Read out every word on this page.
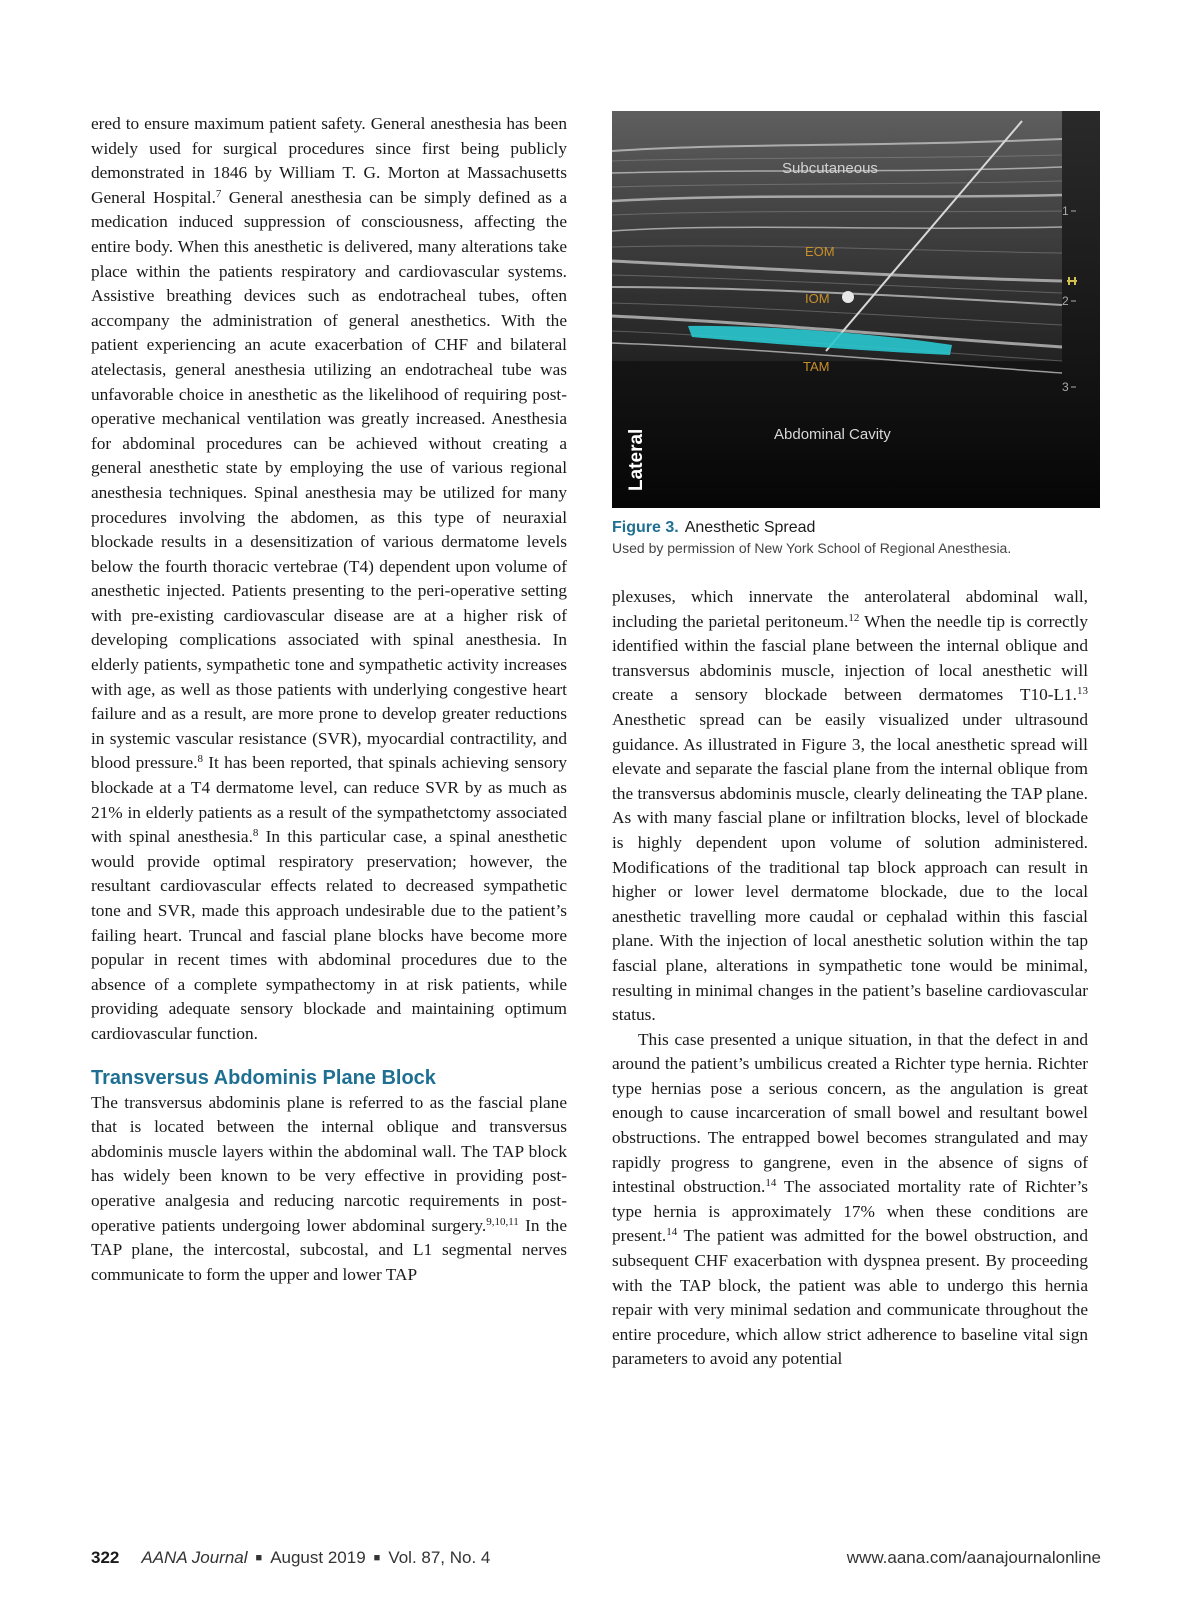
ered to ensure maximum patient safety. General anesthesia has been widely used for surgical procedures since first being publicly demonstrated in 1846 by William T. G. Morton at Massachusetts General Hospital.$^7$ General anesthesia can be simply defined as a medication induced suppression of consciousness, affecting the entire body. When this anesthetic is delivered, many alterations take place within the patients respiratory and cardiovascular systems. Assistive breathing devices such as endotracheal tubes, often accompany the administration of general anesthetics. With the patient experiencing an acute exacerbation of CHF and bilateral atelectasis, general anesthesia utilizing an endotracheal tube was unfavorable choice in anesthetic as the likelihood of requiring post-operative mechanical ventilation was greatly increased. Anesthesia for abdominal procedures can be achieved without creating a general anesthetic state by employing the use of various regional anesthesia techniques. Spinal anesthesia may be utilized for many procedures involving the abdomen, as this type of neuraxial blockade results in a desensitization of various dermatome levels below the fourth thoracic vertebrae (T4) dependent upon volume of anesthetic injected. Patients presenting to the peri-operative setting with pre-existing cardiovascular disease are at a higher risk of developing complications associated with spinal anesthesia. In elderly patients, sympathetic tone and sympathetic activity increases with age, as well as those patients with underlying congestive heart failure and as a result, are more prone to develop greater reductions in systemic vascular resistance (SVR), myocardial contractility, and blood pressure.$^8$ It has been reported, that spinals achieving sensory blockade at a T4 dermatome level, can reduce SVR by as much as 21% in elderly patients as a result of the sympathetctomy associated with spinal anesthesia.$^8$ In this particular case, a spinal anesthetic would provide optimal respiratory preservation; however, the resultant cardiovascular effects related to decreased sympathetic tone and SVR, made this approach undesirable due to the patient’s failing heart. Truncal and fascial plane blocks have become more popular in recent times with abdominal procedures due to the absence of a complete sympathectomy in at risk patients, while providing adequate sensory blockade and maintaining optimum cardiovascular function.

Transversus Abdominis Plane Block

The transversus abdominis plane is referred to as the fascial plane that is located between the internal oblique and transversus abdominis muscle layers within the abdominal wall. The TAP block has widely been known to be very effective in providing post-operative analgesia and reducing narcotic requirements in post-operative patients undergoing lower abdominal surgery.$^{9,10,11}$ In the TAP plane, the intercostal, subcostal, and L1 segmental nerves communicate to form the upper and lower TAP

Subcutaneous
EOM
IOM
TAM
Abdominal Cavity
Lateral
1
2
3
Figure 3. Anesthetic Spread
Used by permission of New York School of Regional Anesthesia.

plexuses, which innervate the anterolateral abdominal wall, including the parietal peritoneum.$^{12}$ When the needle tip is correctly identified within the fascial plane between the internal oblique and transversus abdominis muscle, injection of local anesthetic will create a sensory blockade between dermatomes T10-L1.13 Anesthetic spread can be easily visualized under ultrasound guidance. As illustrated in Figure 3, the local anesthetic spread will elevate and separate the fascial plane from the internal oblique from the transversus abdominis muscle, clearly delineating the TAP plane. As with many fascial plane or infiltration blocks, level of blockade is highly dependent upon volume of solution administered. Modifications of the traditional tap block approach can result in higher or lower level dermatome blockade, due to the local anesthetic travelling more caudal or cephalad within this fascial plane. With the injection of local anesthetic solution within the tap fascial plane, alterations in sympathetic tone would be minimal, resulting in minimal changes in the patient’s baseline cardiovascular status.

This case presented a unique situation, in that the defect in and around the patient’s umbilicus created a Richter type hernia. Richter type hernias pose a serious concern, as the angulation is great enough to cause incarceration of small bowel and resultant bowel obstructions. The entrapped bowel becomes strangulated and may rapidly progress to gangrene, even in the absence of signs of intestinal obstruction.$^{14}$ The associated mortality rate of Richter’s type hernia is approximately 17% when these conditions are present.$^{14}$ The patient was admitted for the bowel obstruction, and subsequent CHF exacerbation with dyspnea present. By proceeding with the TAP block, the patient was able to undergo this hernia repair with very minimal sedation and communicate throughout the entire procedure, which allow strict adherence to baseline vital sign parameters to avoid any potential

322 AANA Journal ■ August 2019 ■ Vol. 87, No. 4	www.aana.com/aanajournalonline
